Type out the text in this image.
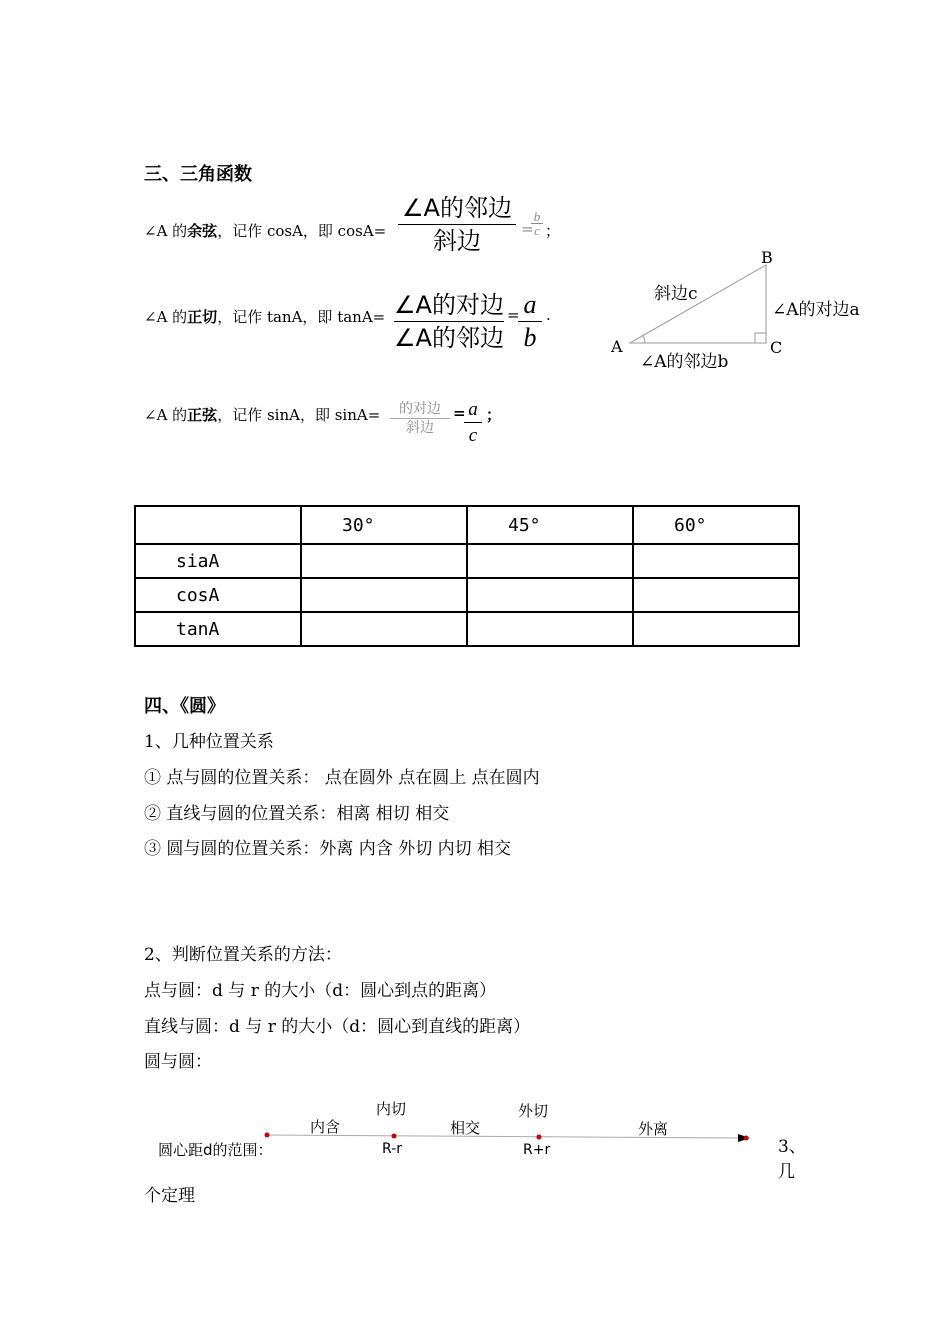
三、三角函数
∠A 的余弦，记作 cosA，即 cosA=
∠A的邻边
斜边	=
b
c ；
∠A 的正切，记作 tanA，即 tanA= ∠A的对边
∠A的邻边
= a
b
.
B
A	C
斜边c
∠A的对边a
∠A的邻边b
∠A 的正弦，记作 sinA，即 sinA=	的对边
斜边
= a
c
；
	30°	45°	60°
siaA			
cosA			
tanA			
四、《圆》
1、几种位置关系
① 点与圆的位置关系： 点在圆外 点在圆上 点在圆内
② 直线与圆的位置关系：相离 相切 相交
③ 圆与圆的位置关系：外离 内含 外切 内切 相交
2、判断位置关系的方法：
点与圆：d 与 r 的大小（d：圆心到点的距离）
直线与圆：d 与 r 的大小（d：圆心到直线的距离）
圆与圆：
圆心距d的范围：
内含
内切
相交
外切
外离
R-r	R+r	3、
几
个定理
